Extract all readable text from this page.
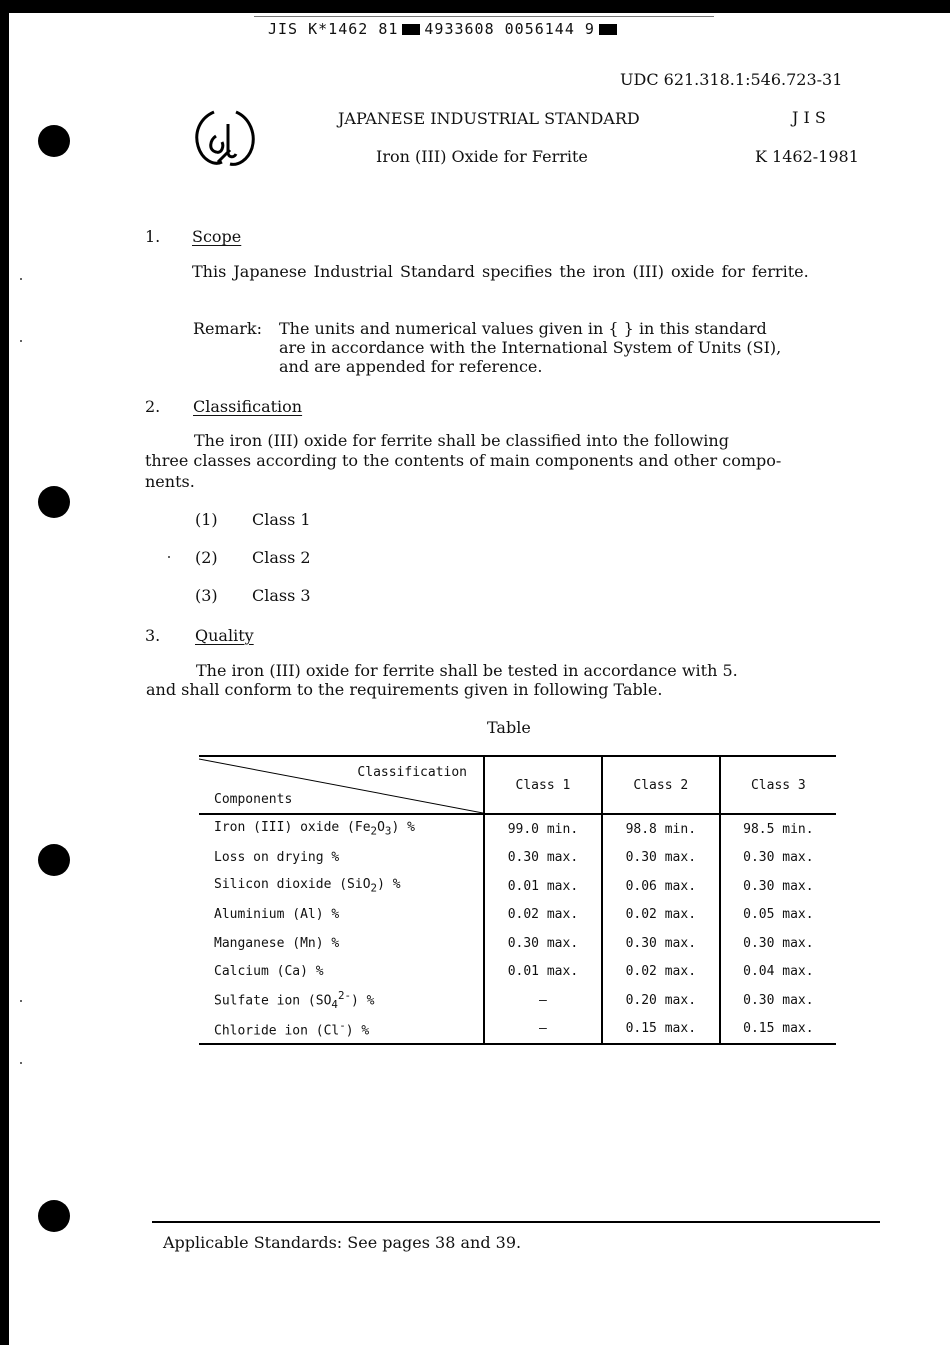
JIS K*1462 81 4933608 0056144 9
UDC 621.318.1:546.723-31
JAPANESE INDUSTRIAL STANDARD
Iron (III) Oxide for Ferrite
J I S
K 1462-1981
1. Scope
This Japanese Industrial Standard specifies the iron (III) oxide for ferrite.
Remark: The units and numerical values given in { } in this standard
are in accordance with the International System of Units (SI),
and are appended for reference.
2. Classification
The iron (III) oxide for ferrite shall be classified into the following
three classes according to the contents of main components and other compo-
nents.
(1) Class 1
(2) Class 2
(3) Class 3
3. Quality
The iron (III) oxide for ferrite shall be tested in accordance with 5.
and shall conform to the requirements given in following Table.
Table
Classification
Components	Class 1	Class 2	Class 3
Iron (III) oxide $(Fe_2O_3)$ %	99.0 min.	98.8 min.	98.5 min.
Loss on drying %	0.30 max.	0.30 max.	0.30 max.
Silicon dioxide (SiO$_2$) %	0.01 max.	0.06 max.	0.30 max.
Aluminium (Al) %	0.02 max.	0.02 max.	0.05 max.
Manganese (Mn) %	0.30 max.	0.30 max.	0.30 max.
Calcium (Ca) %	0.01 max.	0.02 max.	0.04 max.
Sulfate ion $(SO_4^{2-})$ %	—	0.20 max.	0.30 max.
Chloride ion (Cl-) %	—	0.15 max.	0.15 max.
Applicable Standards: See pages 38 and 39.
